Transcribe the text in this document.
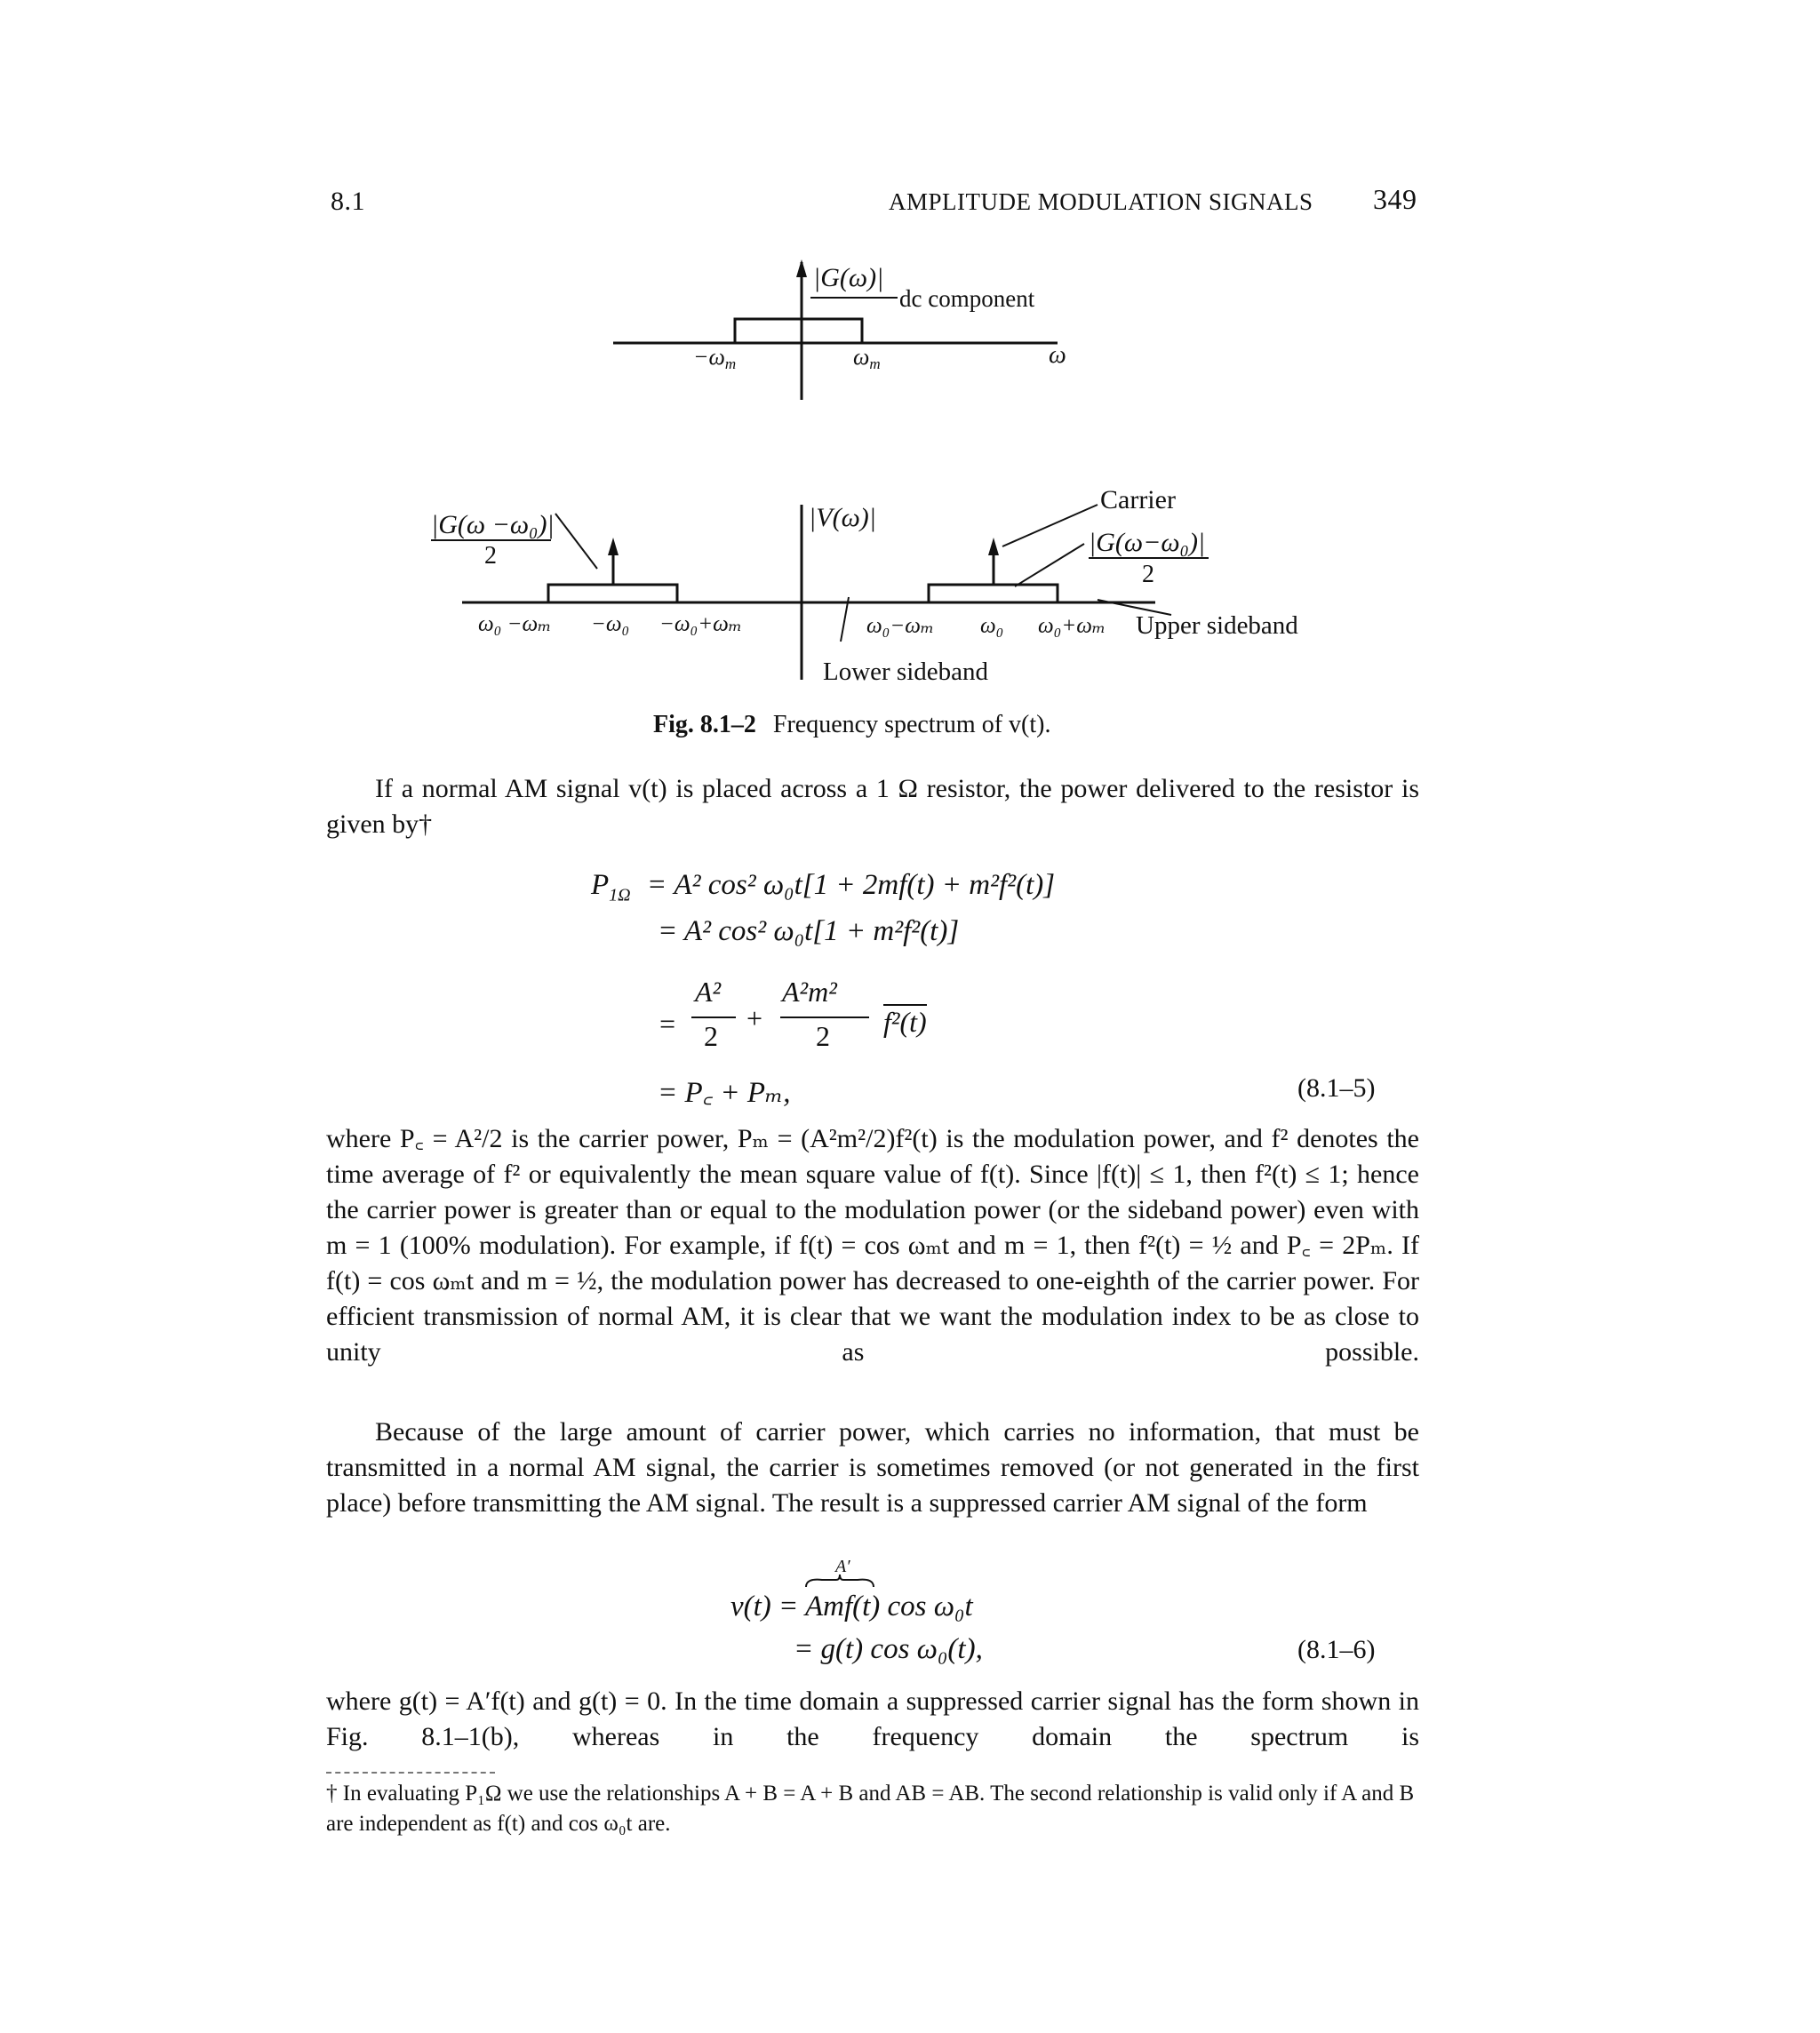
8.1	AMPLITUDE MODULATION SIGNALS 349
|G(ω)|
dc component
−ωm	ωm	ω
|G(ω −ω₀)|
2
|V(ω)|
Carrier
|G(ω−ω₀)|
2
ω₀ −ωₘ −ω₀ −ω₀+ωₘ	ω₀−ωₘ ω₀ ω₀+ωₘ Upper sideband
Lower sideband
Fig. 8.1–2 Frequency spectrum of v(t).
If a normal AM signal v(t) is placed across a 1 Ω resistor, the power delivered to the resistor is given by†
$P_{1\Omega} = A^2$ cos² ω₀t[1 + 2mf(t) + m²f²(t)]
= A² cos² ω₀t[1 + m²f²(t)]
=
A²
2
+
A²m²
2 f²(t)
= P꜀ + Pₘ,	(8.1–5)
where P꜀ = A²/2 is the carrier power, Pₘ = (A²m²/2)f²(t) is the modulation power, and f² denotes the time average of f² or equivalently the mean square value of f(t). Since |f(t)| ≤ 1, then f²(t) ≤ 1; hence the carrier power is greater than or equal to the modulation power (or the sideband power) even with m = 1 (100% modulation). For example, if f(t) = cos ωₘt and m = 1, then f²(t) = ½ and P꜀ = 2Pₘ. If f(t) = cos ωₘt and m = ½, the modulation power has decreased to one-eighth of the carrier power. For efficient transmission of normal AM, it is clear that we want the modulation index to be as close to unity as possible.
Because of the large amount of carrier power, which carries no information, that must be transmitted in a normal AM signal, the carrier is sometimes removed (or not generated in the first place) before transmitting the AM signal. The result is a suppressed carrier AM signal of the form
A′
v(t) = Amf(t) cos ω₀t
= g(t) cos ω₀(t),	(8.1–6)
where g(t) = A′f(t) and g(t) = 0. In the time domain a suppressed carrier signal has the form shown in Fig. 8.1–1(b), whereas in the frequency domain the spectrum is
† In evaluating P₁Ω we use the relationships A + B = A + B and AB = AB. The second relationship is valid only if A and B are independent as f(t) and cos ω₀t are.
